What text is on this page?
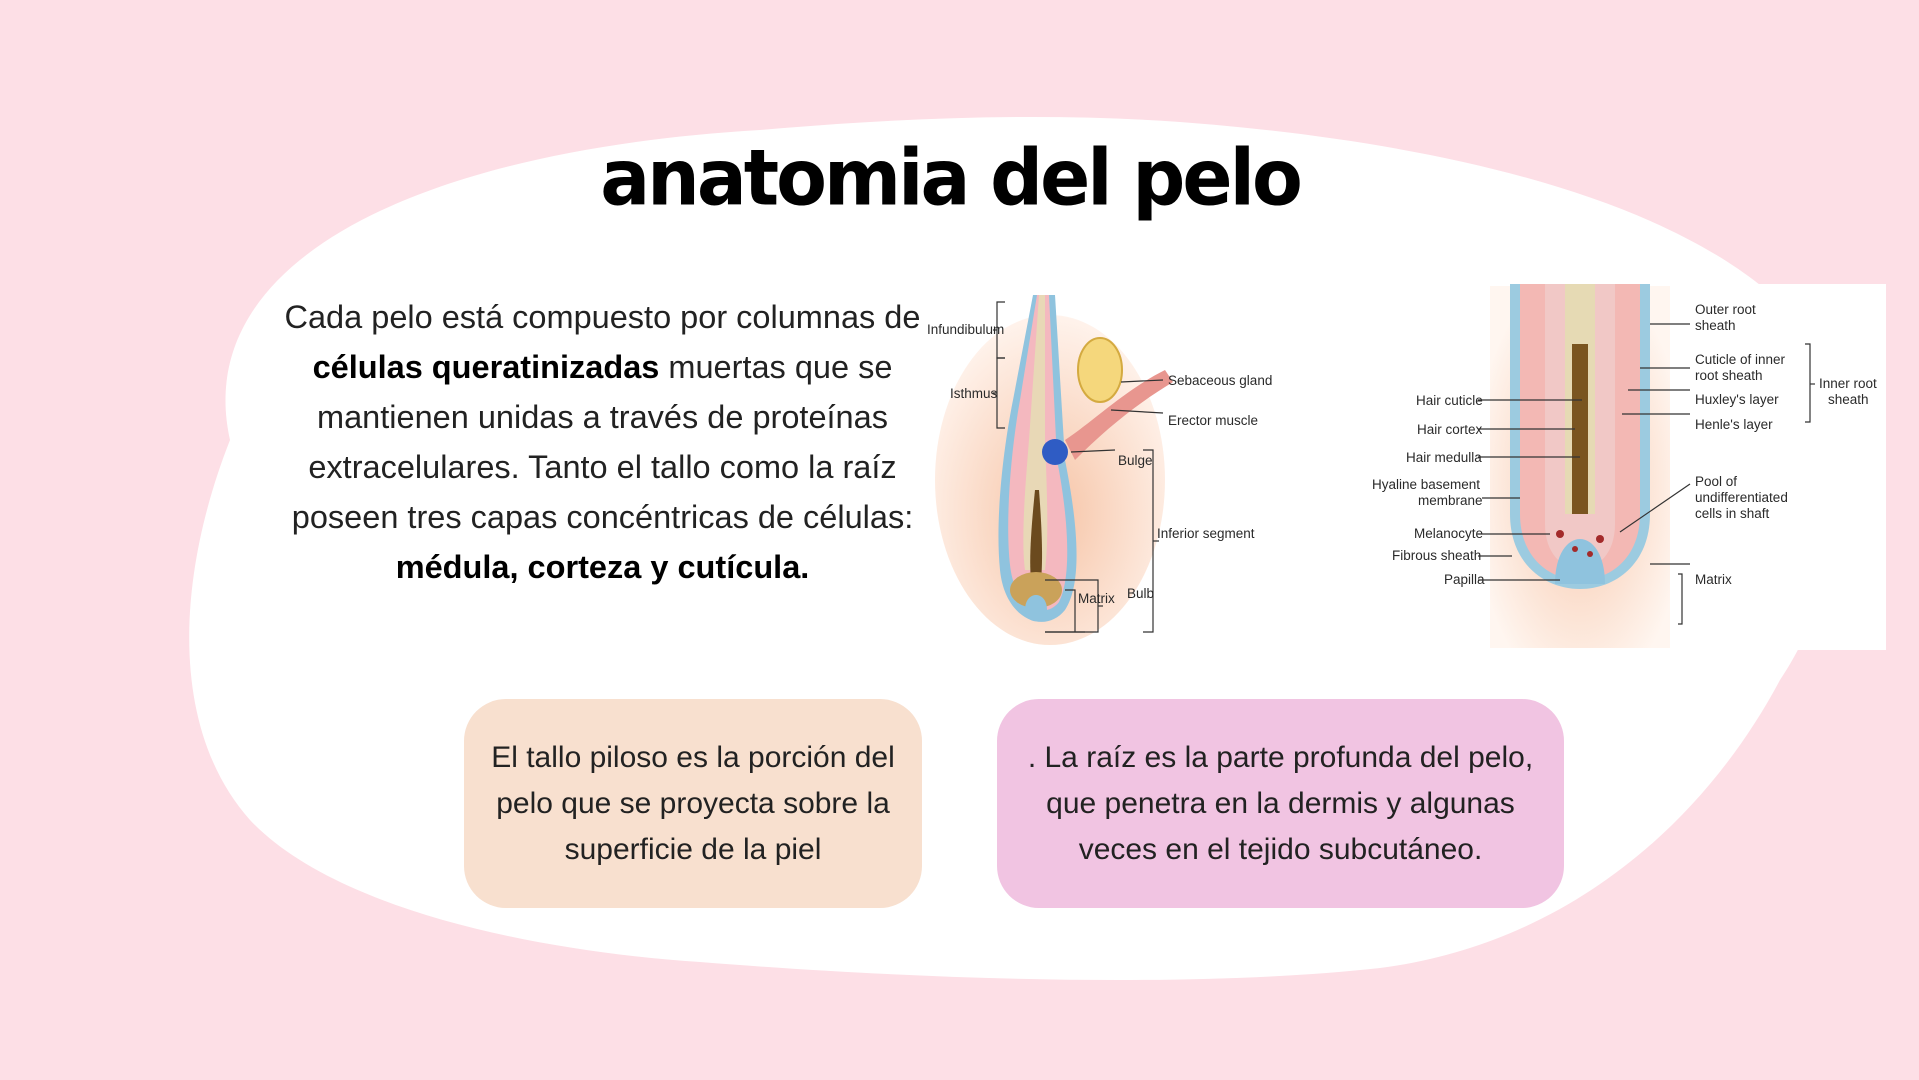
anatomia del pelo
Cada pelo está compuesto por columnas de células queratinizadas muertas que se mantienen unidas a través de proteínas extracelulares. Tanto el tallo como la raíz poseen tres capas concéntricas de células: médula, corteza y cutícula.
El tallo piloso es la porción del pelo que se proyecta sobre la superficie de la piel
. La raíz es la parte profunda del pelo, que penetra en la dermis y algunas veces en el tejido subcutáneo.
Infundibulum
Isthmus
Sebaceous gland
Erector muscle
Bulge
Inferior segment
Matrix Bulb
Outer root
sheath
Cuticle of inner
root sheath
Huxley's layer
Henle's layer
Inner root
sheath
Pool of
undifferentiated
cells in shaft
Matrix
Hair cuticle
Hair cortex
Hair medulla
Hyaline basement
membrane
Melanocyte
Fibrous sheath
Papilla
